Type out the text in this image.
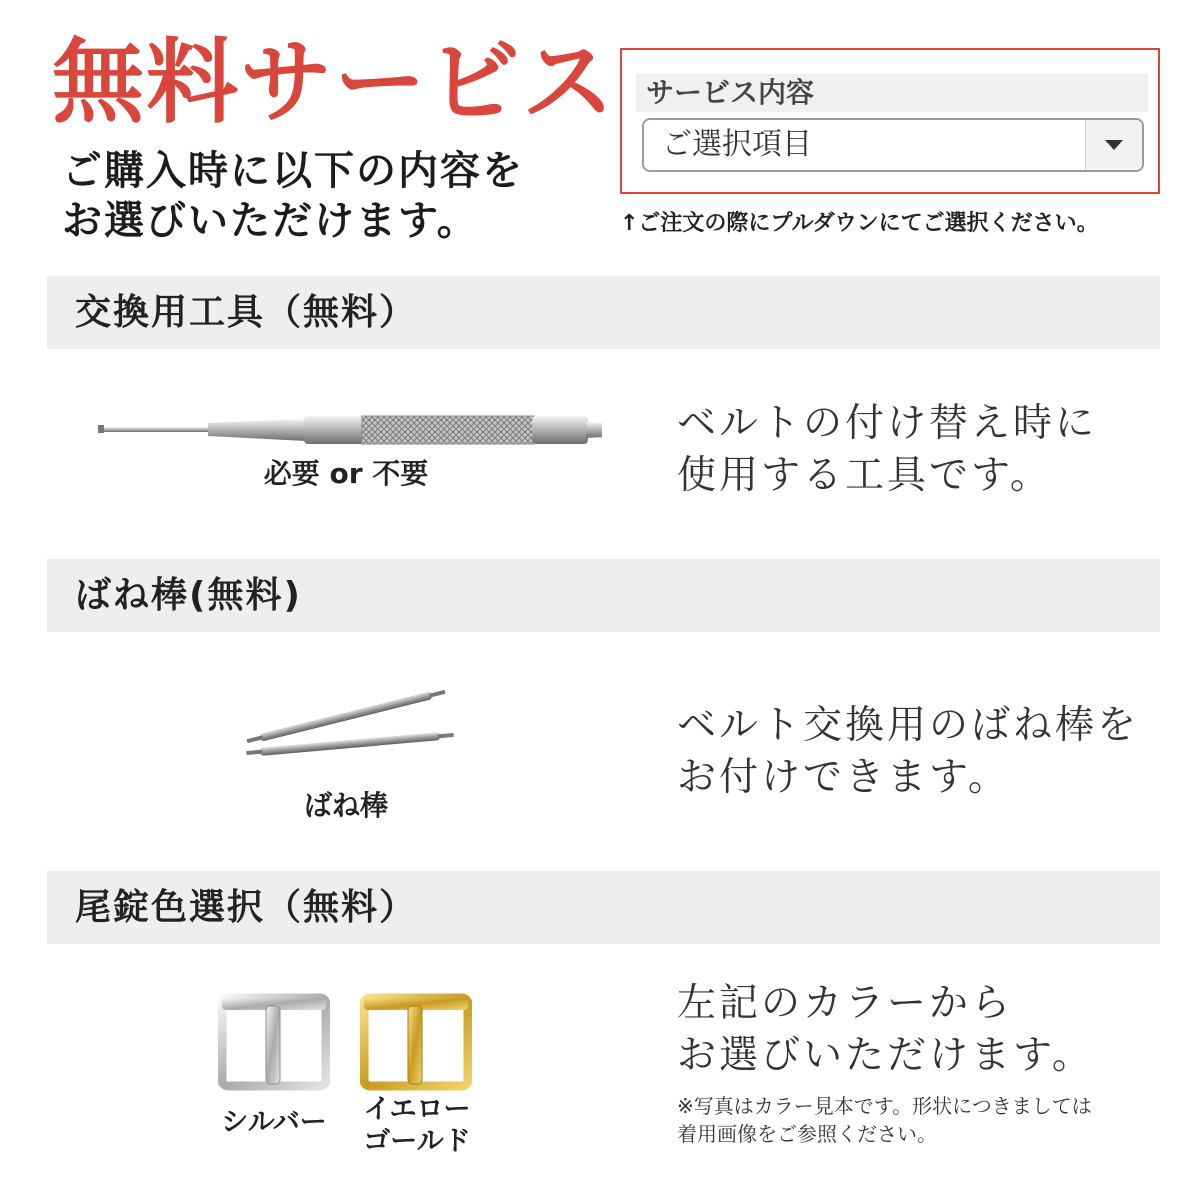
無料サービス
ご購入時に以下の内容を
お選びいただけます。
サービス内容
ご選択項目
↑ご注文の際にプルダウンにてご選択ください。
交換用工具（無料）
必要 or 不要
ベルトの付け替え時に
使用する工具です。
ばね棒(無料)
ばね棒
ベルト交換用のばね棒を
お付けできます。
尾錠色選択（無料）
シルバー	イエロー
ゴールド
左記のカラーから
お選びいただけます。
※写真はカラー見本です。形状につきましては
着用画像をご参照ください。
